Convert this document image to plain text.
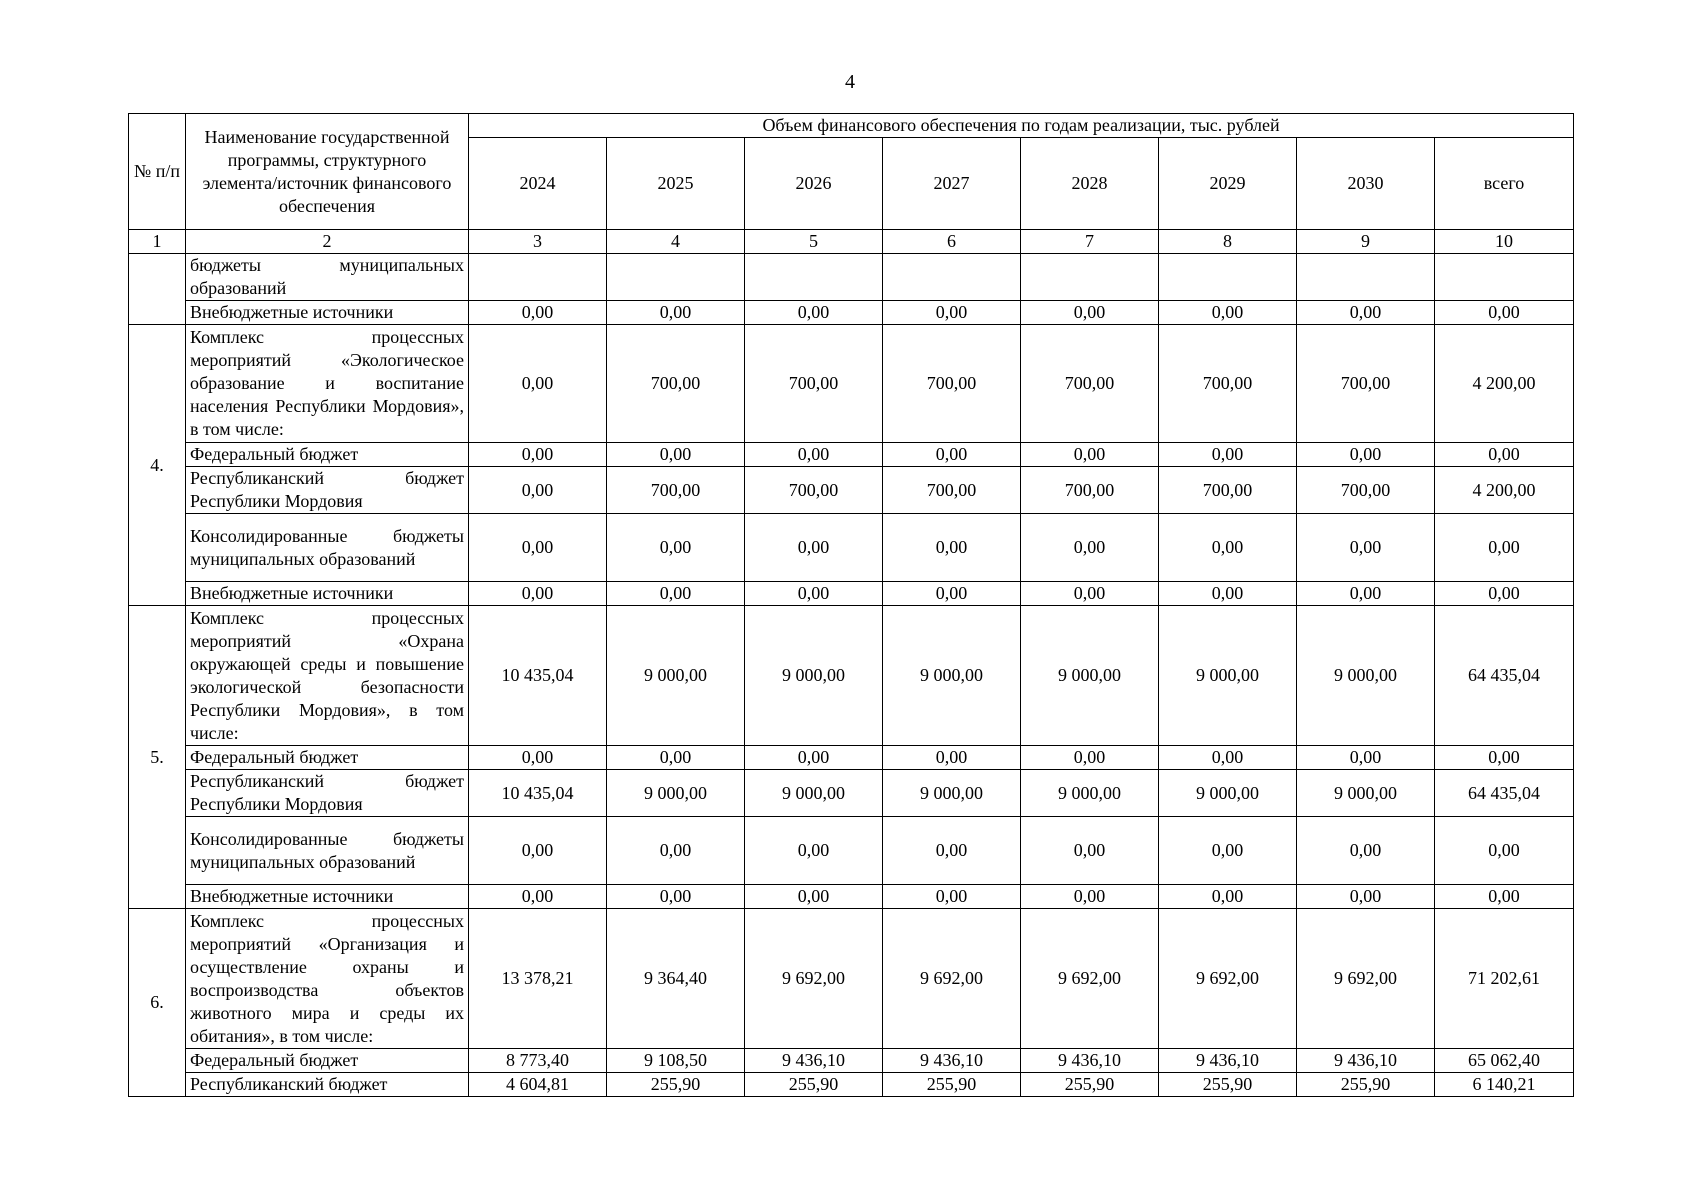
4
№ п/п	Наименование государственной программы, структурного элемента/источник финансового обеспечения	Объем финансового обеспечения по годам реализации, тыс. рублей							
		2024	2025	2026	2027	2028	2029	2030	всего
1	2	3	4	5	6	7	8	9	10
	бюджеты муниципальных образований								
	Внебюджетные источники	0,00	0,00	0,00	0,00	0,00	0,00	0,00	0,00
4.	Комплекс процессных мероприятий «Экологическое образование и воспитание населения Республики Мордовия», в том числе:	0,00	700,00	700,00	700,00	700,00	700,00	700,00	4 200,00
	Федеральный бюджет	0,00	0,00	0,00	0,00	0,00	0,00	0,00	0,00
	Республиканский бюджет Республики Мордовия	0,00	700,00	700,00	700,00	700,00	700,00	700,00	4 200,00
	Консолидированные бюджеты муниципальных образований	0,00	0,00	0,00	0,00	0,00	0,00	0,00	0,00
	Внебюджетные источники	0,00	0,00	0,00	0,00	0,00	0,00	0,00	0,00
5.	Комплекс процессных мероприятий «Охрана окружающей среды и повышение экологической безопасности Республики Мордовия», в том числе:	10 435,04	9 000,00	9 000,00	9 000,00	9 000,00	9 000,00	9 000,00	64 435,04
	Федеральный бюджет	0,00	0,00	0,00	0,00	0,00	0,00	0,00	0,00
	Республиканский бюджет Республики Мордовия	10 435,04	9 000,00	9 000,00	9 000,00	9 000,00	9 000,00	9 000,00	64 435,04
	Консолидированные бюджеты муниципальных образований	0,00	0,00	0,00	0,00	0,00	0,00	0,00	0,00
	Внебюджетные источники	0,00	0,00	0,00	0,00	0,00	0,00	0,00	0,00
6.	Комплекс процессных мероприятий «Организация и осуществление охраны и воспроизводства объектов животного мира и среды их обитания», в том числе:	13 378,21	9 364,40	9 692,00	9 692,00	9 692,00	9 692,00	9 692,00	71 202,61
	Федеральный бюджет	8 773,40	9 108,50	9 436,10	9 436,10	9 436,10	9 436,10	9 436,10	65 062,40
	Республиканский бюджет	4 604,81	255,90	255,90	255,90	255,90	255,90	255,90	6 140,21
